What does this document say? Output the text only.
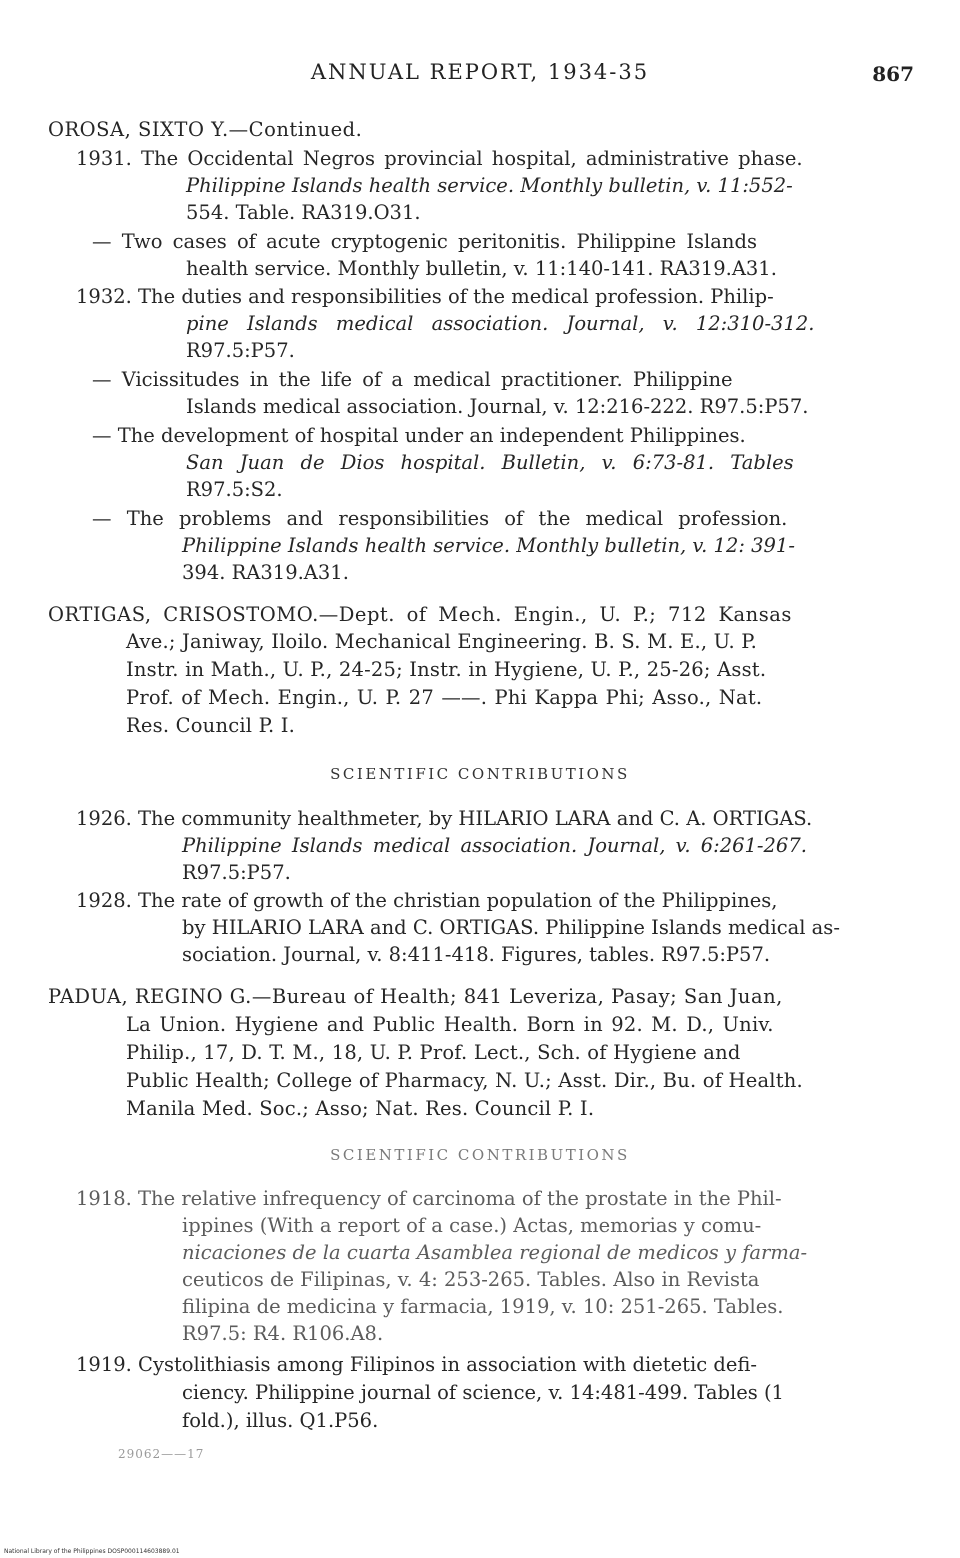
ANNUAL REPORT, 1934-35	867
OROSA, SIXTO Y.—Continued.
1931. The Occidental Negros provincial hospital, administrative phase.
Philippine Islands health service. Monthly bulletin, v. 11:552-
554. Table. RA319.O31.
— Two cases of acute cryptogenic peritonitis. Philippine Islands
health service. Monthly bulletin, v. 11:140-141. RA319.A31.
1932. The duties and responsibilities of the medical profession. Philip-
pine Islands medical association. Journal, v. 12:310-312.
R97.5:P57.
— Vicissitudes in the life of a medical practitioner. Philippine
Islands medical association. Journal, v. 12:216-222. R97.5:P57.
— The development of hospital under an independent Philippines.
San Juan de Dios hospital. Bulletin, v. 6:73-81. Tables
R97.5:S2.
— The problems and responsibilities of the medical profession.
Philippine Islands health service. Monthly bulletin, v. 12: 391-
394. RA319.A31.
ORTIGAS, CRISOSTOMO.—Dept. of Mech. Engin., U. P.; 712 Kansas
Ave.; Janiway, Iloilo. Mechanical Engineering. B. S. M. E., U. P.
Instr. in Math., U. P., 24-25; Instr. in Hygiene, U. P., 25-26; Asst.
Prof. of Mech. Engin., U. P. 27 ——. Phi Kappa Phi; Asso., Nat.
Res. Council P. I.
SCIENTIFIC CONTRIBUTIONS
1926. The community healthmeter, by HILARIO LARA and C. A. ORTIGAS.
Philippine Islands medical association. Journal, v. 6:261-267.
R97.5:P57.
1928. The rate of growth of the christian population of the Philippines,
by HILARIO LARA and C. ORTIGAS. Philippine Islands medical as-
sociation. Journal, v. 8:411-418. Figures, tables. R97.5:P57.
PADUA, REGINO G.—Bureau of Health; 841 Leveriza, Pasay; San Juan,
La Union. Hygiene and Public Health. Born in 92. M. D., Univ.
Philip., 17, D. T. M., 18, U. P. Prof. Lect., Sch. of Hygiene and
Public Health; College of Pharmacy, N. U.; Asst. Dir., Bu. of Health.
Manila Med. Soc.; Asso; Nat. Res. Council P. I.
SCIENTIFIC CONTRIBUTIONS
1918. The relative infrequency of carcinoma of the prostate in the Phil-
ippines (With a report of a case.) Actas, memorias y comu-
nicaciones de la cuarta Asamblea regional de medicos y farma-
ceuticos de Filipinas, v. 4: 253-265. Tables. Also in Revista
filipina de medicina y farmacia, 1919, v. 10: 251-265. Tables.
R97.5: R4. R106.A8.
1919. Cystolithiasis among Filipinos in association with dietetic defi-
ciency. Philippine journal of science, v. 14:481-499. Tables (1
fold.), illus. Q1.P56.
29062——17
National Library of the Philippines DOSP000114603889.01
